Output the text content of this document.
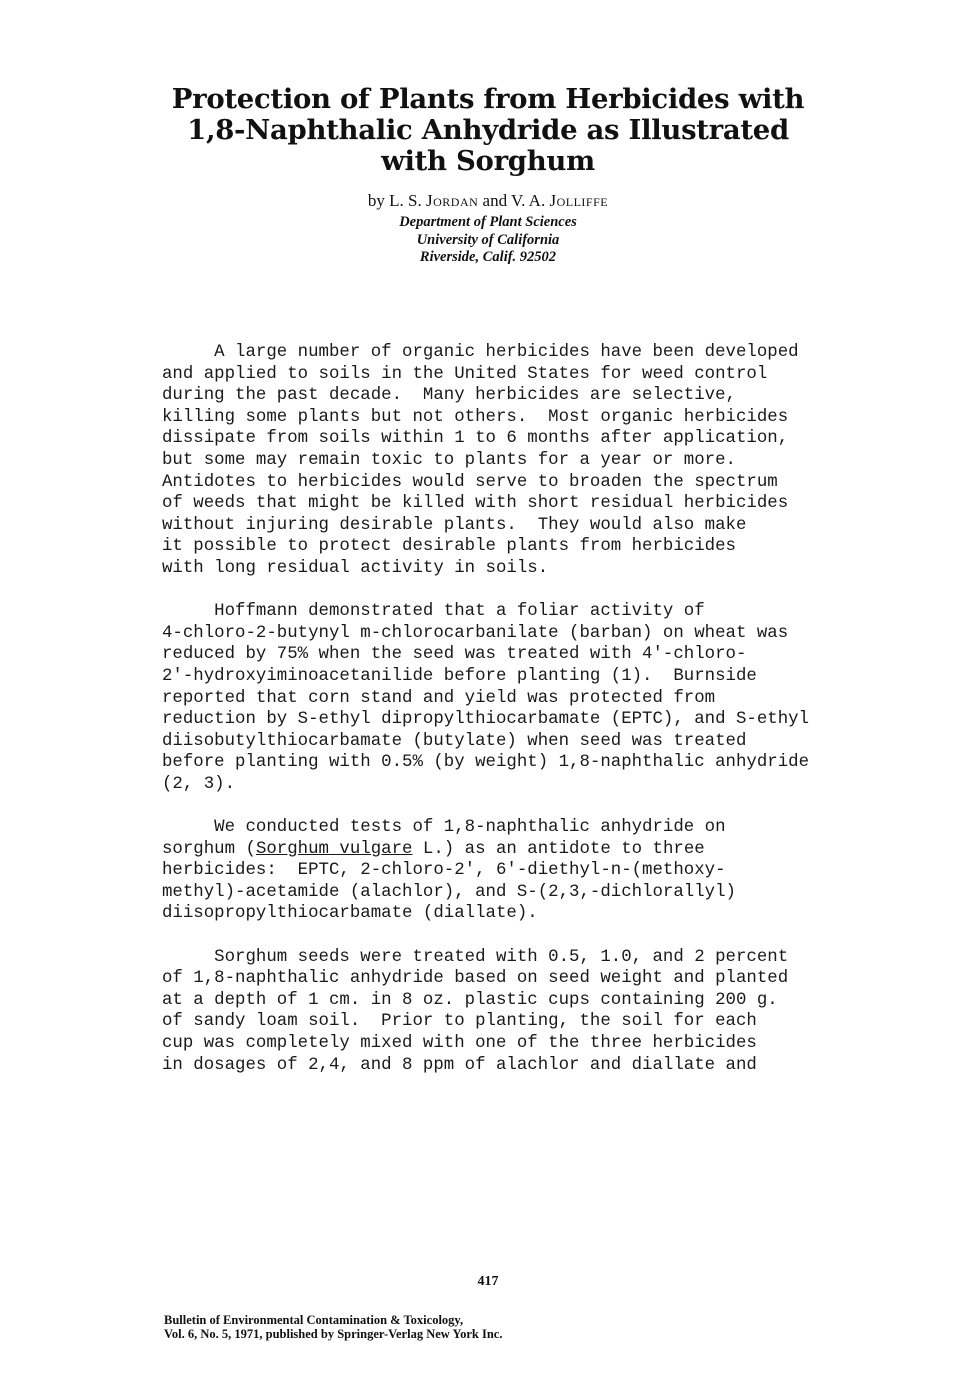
Protection of Plants from Herbicides with
1,8-Naphthalic Anhydride as Illustrated
with Sorghum
by L. S. Jordan and V. A. Jolliffe
Department of Plant Sciences
University of California
Riverside, Calif. 92502

A large number of organic herbicides have been developed
and applied to soils in the United States for weed control
during the past decade.  Many herbicides are selective,
killing some plants but not others.  Most organic herbicides
dissipate from soils within 1 to 6 months after application,
but some may remain toxic to plants for a year or more.
Antidotes to herbicides would serve to broaden the spectrum
of weeds that might be killed with short residual herbicides
without injuring desirable plants.  They would also make
it possible to protect desirable plants from herbicides
with long residual activity in soils.

Hoffmann demonstrated that a foliar activity of
4-chloro-2-butynyl m-chlorocarbanilate (barban) on wheat was
reduced by 75% when the seed was treated with 4'-chloro-
2'-hydroxyiminoacetanilide before planting (1).  Burnside
reported that corn stand and yield was protected from
reduction by S-ethyl dipropylthiocarbamate (EPTC), and S-ethyl
diisobutylthiocarbamate (butylate) when seed was treated
before planting with 0.5% (by weight) 1,8-naphthalic anhydride
(2, 3).

We conducted tests of 1,8-naphthalic anhydride on
sorghum (Sorghum vulgare L.) as an antidote to three
herbicides:  EPTC, 2-chloro-2', 6'-diethyl-n-(methoxy-
methyl)-acetamide (alachlor), and S-(2,3,-dichlorallyl)
diisopropylthiocarbamate (diallate).

Sorghum seeds were treated with 0.5, 1.0, and 2 percent
of 1,8-naphthalic anhydride based on seed weight and planted
at a depth of 1 cm. in 8 oz. plastic cups containing 200 g.
of sandy loam soil.  Prior to planting, the soil for each
cup was completely mixed with one of the three herbicides
in dosages of 2,4, and 8 ppm of alachlor and diallate and

417
Bulletin of Environmental Contamination & Toxicology,
Vol. 6, No. 5, 1971, published by Springer-Verlag New York Inc.
